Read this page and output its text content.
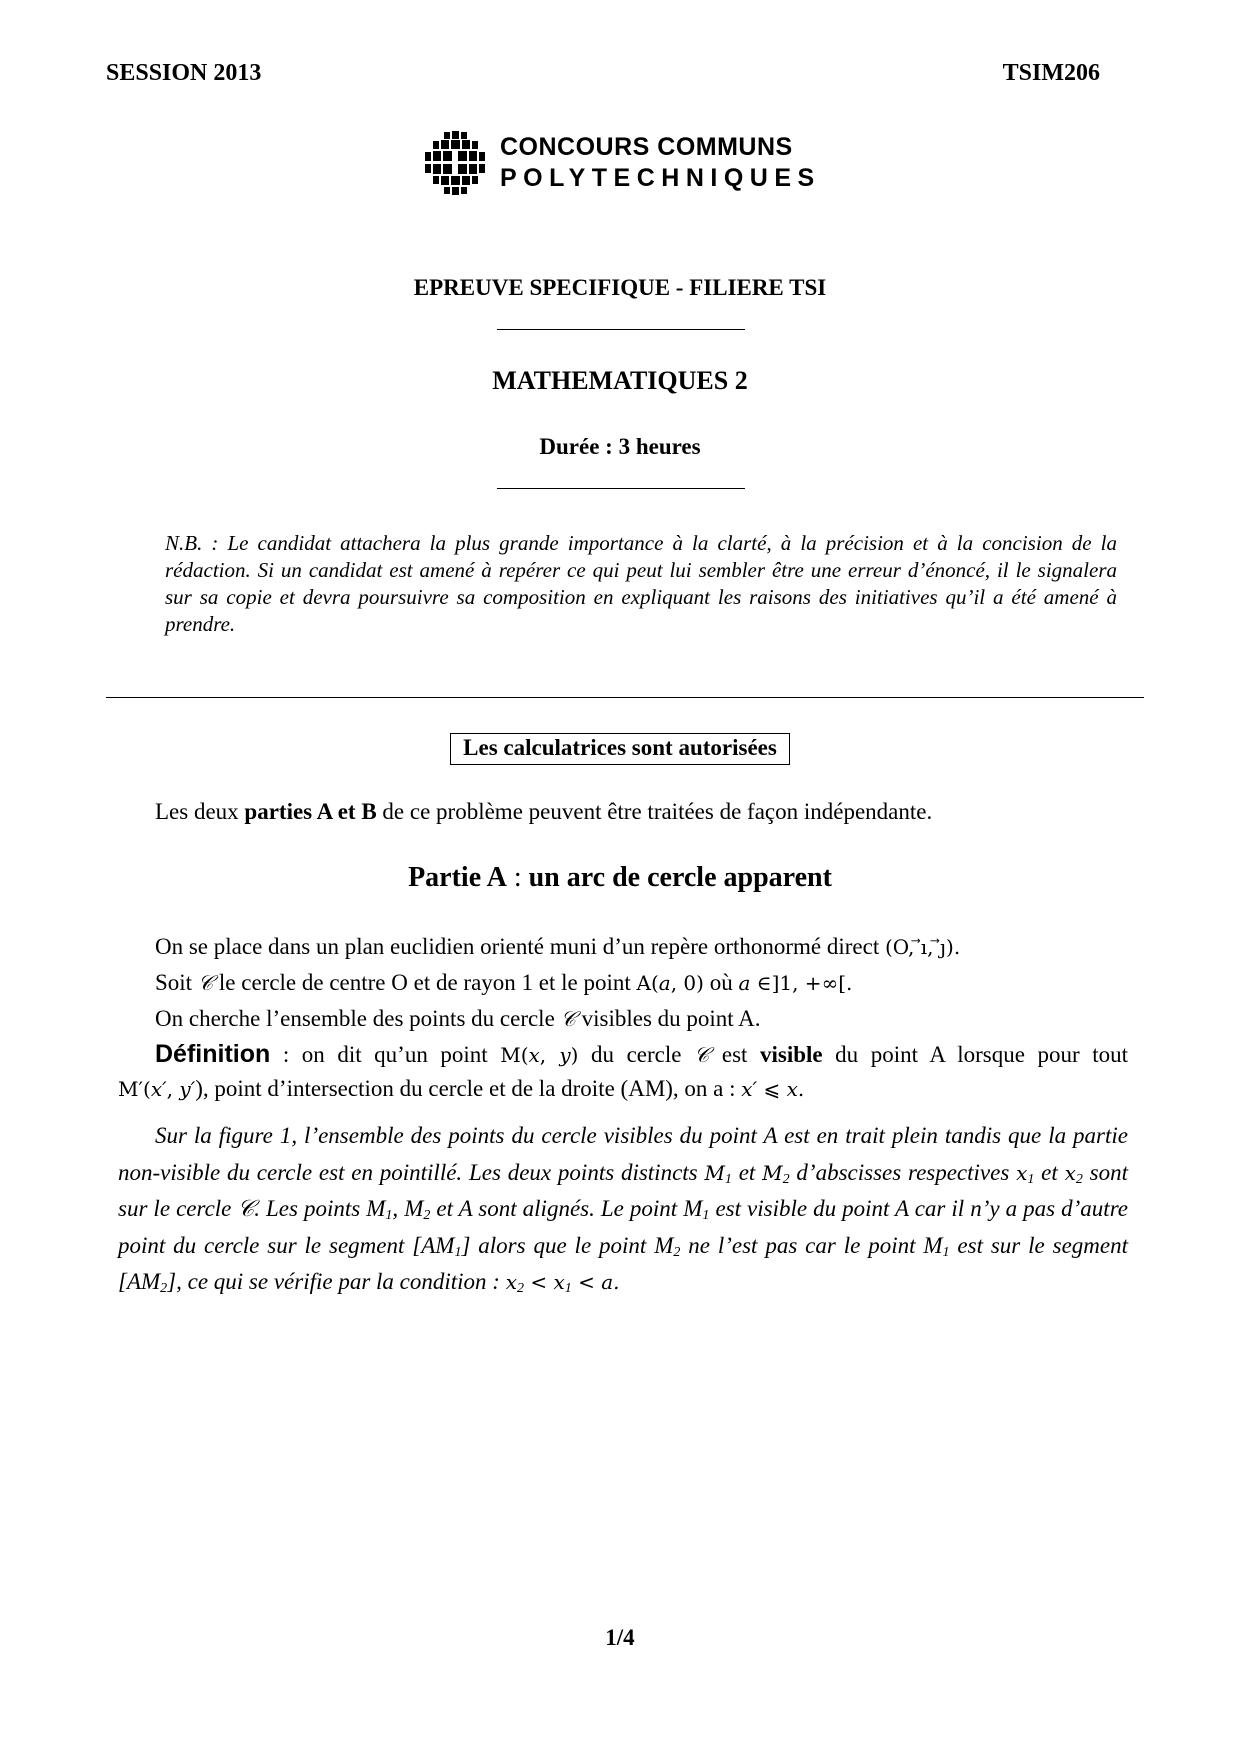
SESSION 2013	TSIM206
CONCOURS COMMUNS
POLYTECHNIQUES
EPREUVE SPECIFIQUE - FILIERE TSI
MATHEMATIQUES 2
Durée : 3 heures
N.B. : Le candidat attachera la plus grande importance à la clarté, à la précision et à la concision de la rédaction. Si un candidat est amené à repérer ce qui peut lui sembler être une erreur d’énoncé, il le signalera sur sa copie et devra poursuivre sa composition en expliquant les raisons des initiatives qu’il a été amené à prendre.
Les calculatrices sont autorisées
Les deux parties A et B de ce problème peuvent être traitées de façon indépendante.
Partie A : un arc de cercle apparent
On se place dans un plan euclidien orienté muni d’un repère orthonormé direct (O, ⃗ı, ⃗ȷ).
Soit 𝒞 le cercle de centre O et de rayon 1 et le point A(a, 0) où a ∈]1, +∞[.
On cherche l’ensemble des points du cercle 𝒞 visibles du point A.
Définition : on dit qu’un point M(x, y) du cercle 𝒞 est visible du point A lorsque pour tout
M′(x′, y′), point d’intersection du cercle et de la droite (AM), on a : x′ ⩽ x.

Sur la figure 1, l’ensemble des points du cercle visibles du point A est en trait plein tandis que la partie non-visible du cercle est en pointillé. Les deux points distincts $M_1$ et $M_2$ d’abscisses respectives $x_1$ et $x_2$ sont sur le cercle 𝒞. Les points $M_1$, $M_2$ et A sont alignés. Le point $M_1$ est visible du point A car il n’y a pas d’autre point du cercle sur le segment $[AM_1]$ alors que le point $M_2$ ne l’est pas car le point $M_1$ est sur le segment $[AM_2]$, ce qui se vérifie par la condition : $x_2 < x_1 < a$.

1/4
